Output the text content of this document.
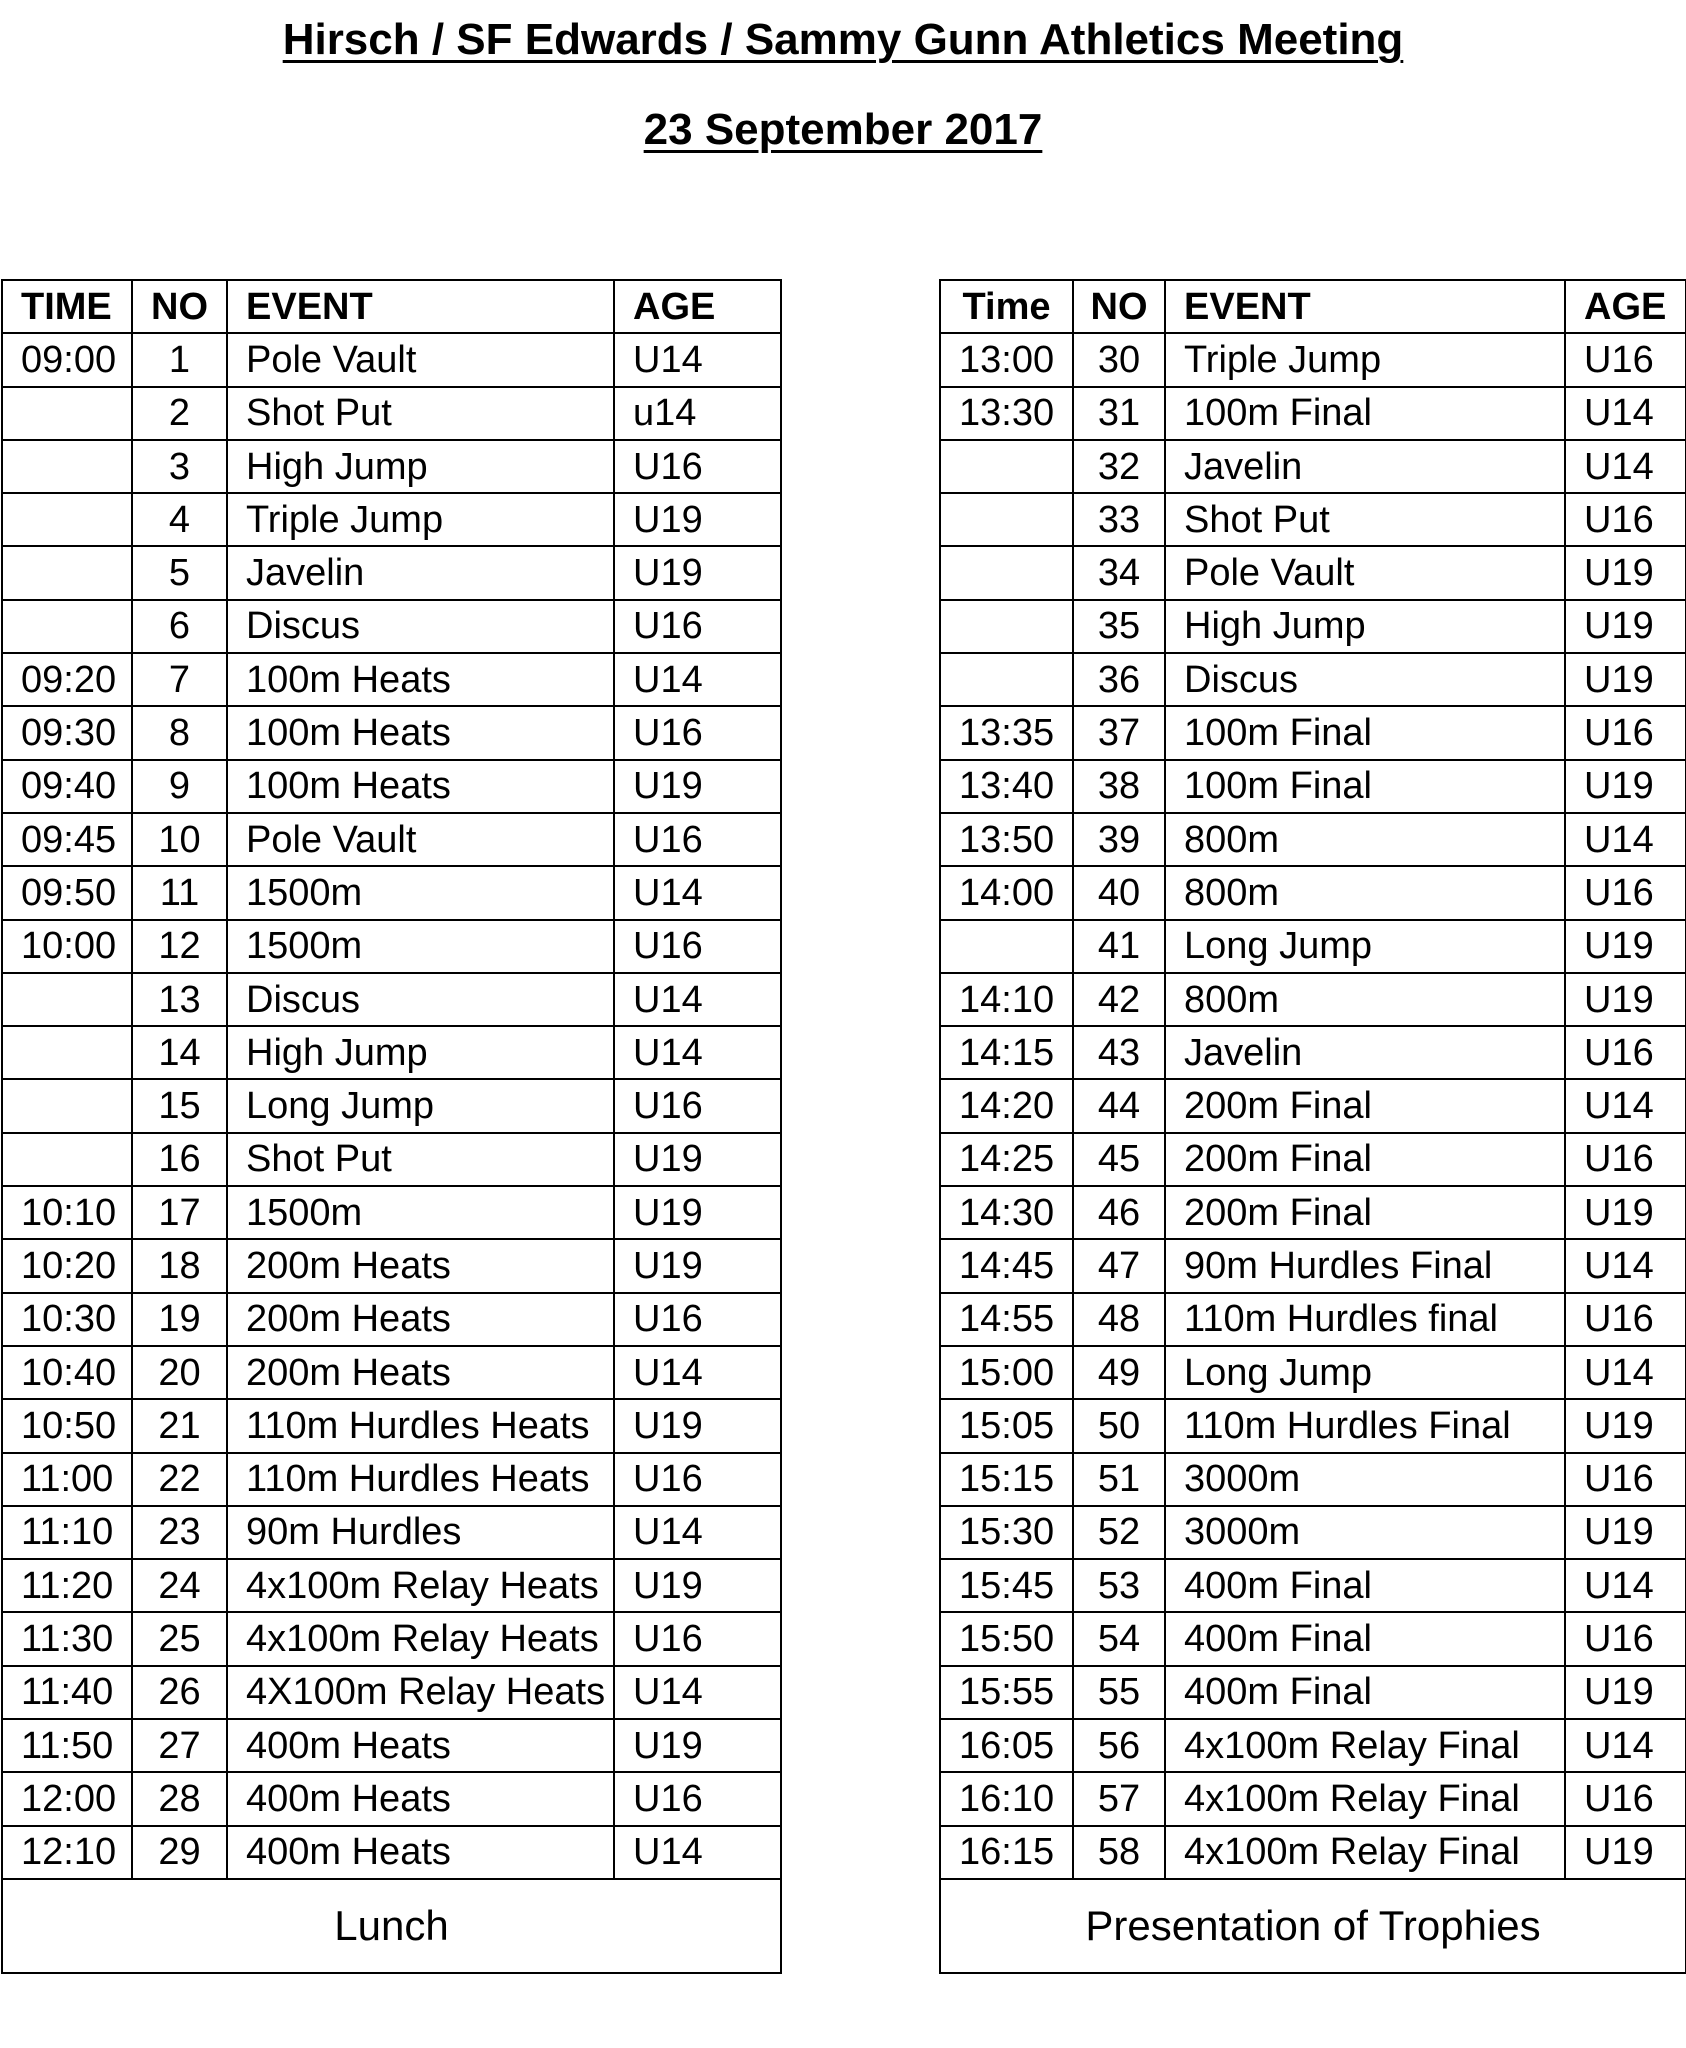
Hirsch / SF Edwards / Sammy Gunn Athletics Meeting
23 September 2017
TIME	NO	EVENT	AGE
09:00	1	Pole Vault	U14
	2	Shot Put	u14
	3	High Jump	U16
	4	Triple Jump	U19
	5	Javelin	U19
	6	Discus	U16
09:20	7	100m Heats	U14
09:30	8	100m Heats	U16
09:40	9	100m Heats	U19
09:45	10	Pole Vault	U16
09:50	11	1500m	U14
10:00	12	1500m	U16
	13	Discus	U14
	14	High Jump	U14
	15	Long Jump	U16
	16	Shot Put	U19
10:10	17	1500m	U19
10:20	18	200m Heats	U19
10:30	19	200m Heats	U16
10:40	20	200m Heats	U14
10:50	21	110m Hurdles Heats	U19
11:00	22	110m Hurdles Heats	U16
11:10	23	90m Hurdles	U14
11:20	24	4x100m Relay Heats	U19
11:30	25	4x100m Relay Heats	U16
11:40	26	4X100m Relay Heats	U14
11:50	27	400m Heats	U19
12:00	28	400m Heats	U16
12:10	29	400m Heats	U14
Lunch			
Time	NO	EVENT	AGE
13:00	30	Triple Jump	U16
13:30	31	100m Final	U14
	32	Javelin	U14
	33	Shot Put	U16
	34	Pole Vault	U19
	35	High Jump	U19
	36	Discus	U19
13:35	37	100m Final	U16
13:40	38	100m Final	U19
13:50	39	800m	U14
14:00	40	800m	U16
	41	Long Jump	U19
14:10	42	800m	U19
14:15	43	Javelin	U16
14:20	44	200m Final	U14
14:25	45	200m Final	U16
14:30	46	200m Final	U19
14:45	47	90m Hurdles Final	U14
14:55	48	110m Hurdles final	U16
15:00	49	Long Jump	U14
15:05	50	110m Hurdles Final	U19
15:15	51	3000m	U16
15:30	52	3000m	U19
15:45	53	400m Final	U14
15:50	54	400m Final	U16
15:55	55	400m Final	U19
16:05	56	4x100m Relay Final	U14
16:10	57	4x100m Relay Final	U16
16:15	58	4x100m Relay Final	U19
Presentation of Trophies			
